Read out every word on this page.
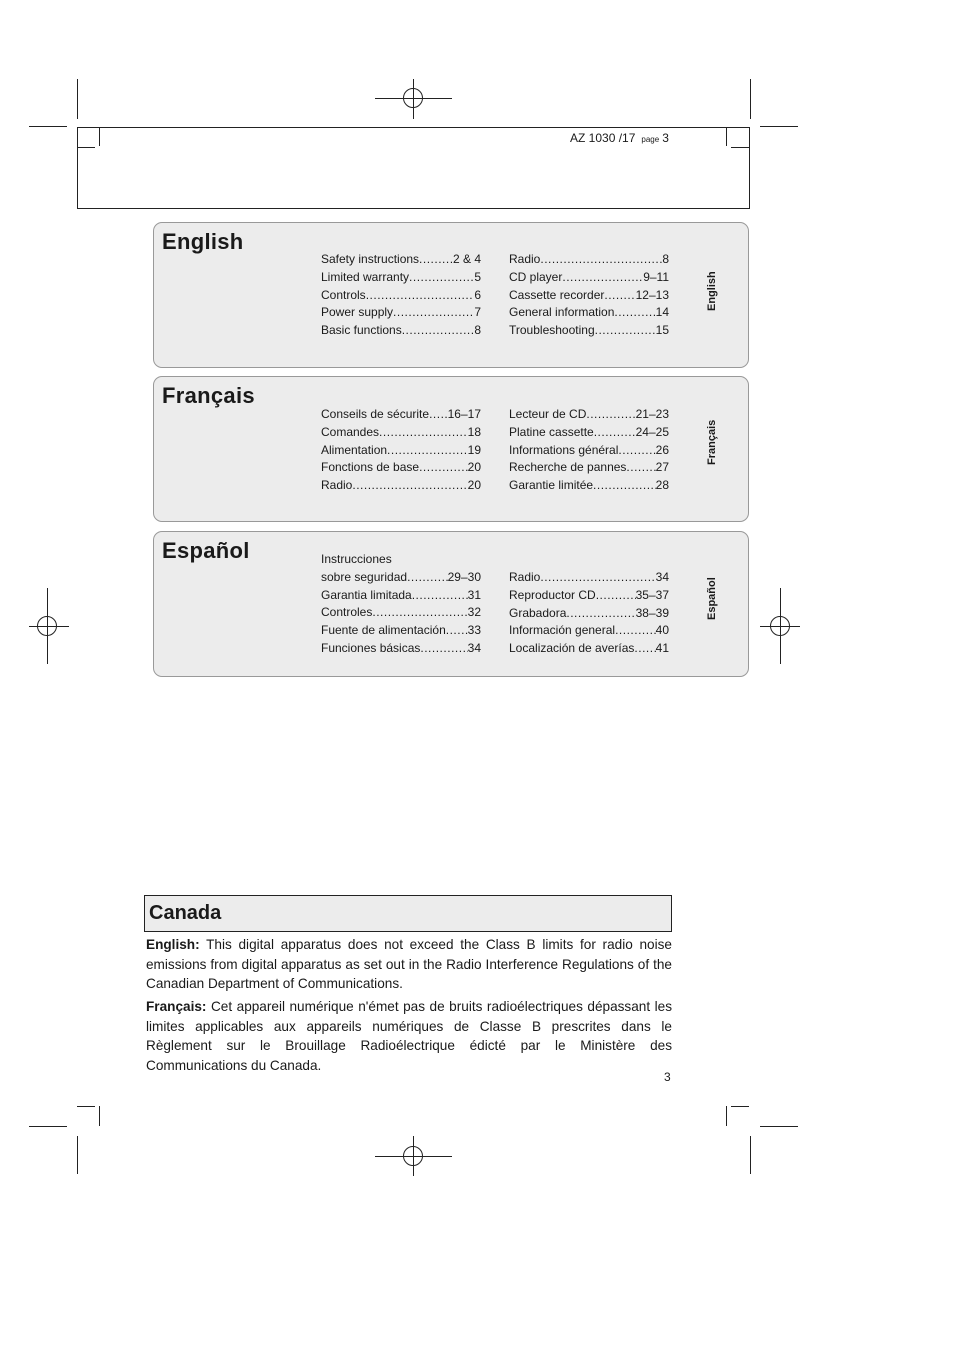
AZ 1030 /17 page 3
English
Safety instructions .....	2 & 4
Limited warranty .....	5
Controls .....	6
Power supply .....	7
Basic functions .....	8
Radio .....	8
CD player .....	9–11
Cassette recorder .....	12–13
General information .....	14
Troubleshooting .....	15
English
Français
Conseils de sécurite ..... 16–17
Comandes .....	18
Alimentation .....	19
Fonctions de base .....	20
Radio .....	20
Lecteur de CD .....	21–23
Platine cassette .....	24–25
Informations général .....	26
Recherche de pannes ..... 27
Garantie limitée .....	28
Français
Español	Instrucciones
sobre seguridad .....	29–30
Garantia limitada .....	31
Controles .....	32
Fuente de alimentación ..... 33
Funciones básicas .....	34
Radio .....	34
Reproductor CD .....	35–37
Grabadora .....	38–39
Información general .....	40
Localización de averías ..... 41
Español
Canada
English: This digital apparatus does not exceed the Class B limits for radio noise emissions from digital apparatus as set out in the Radio Interference Regulations of the Canadian Department of Communications.
Français: Cet appareil numérique n'émet pas de bruits radioélectriques dépassant les limites applicables aux appareils numériques de Classe B prescrites dans le Règlement sur le Brouillage Radioélectrique édicté par le Ministère des Communications du Canada.
3
